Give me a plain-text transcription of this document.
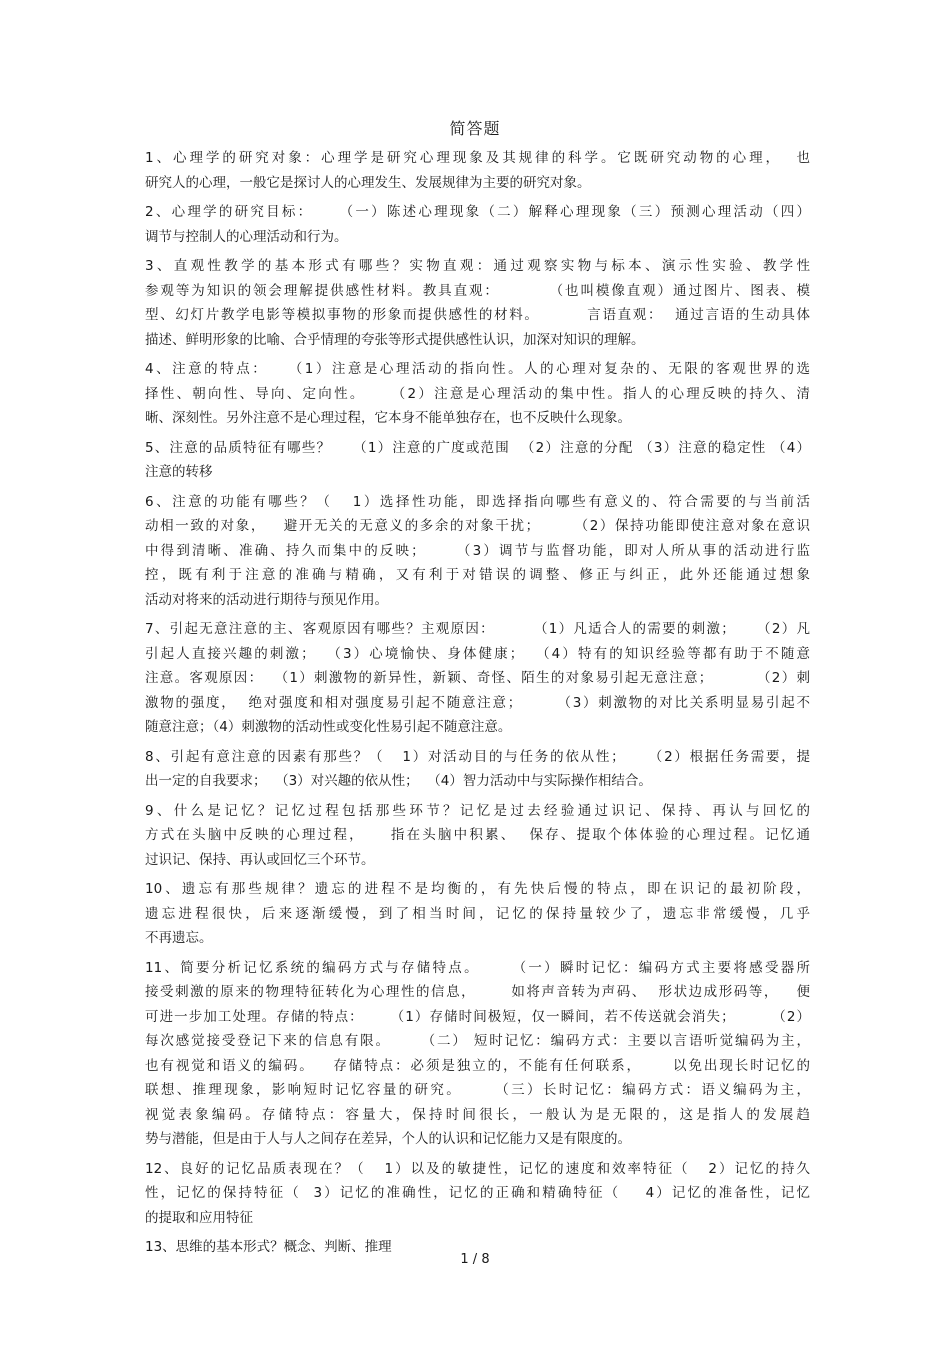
简答题
1、心理学的研究对象：心理学是研究心理现象及其规律的科学。它既研究动物的心理，  也
研究人的心理，一般它是探讨人的心理发生、发展规律为主要的研究对象。
2、心理学的研究目标：    （一）陈述心理现象（二）解释心理现象（三）预测心理活动（四）
调节与控制人的心理活动和行为。
3、直观性教学的基本形式有哪些？实物直观：通过观察实物与标本、演示性实验、教学性
参观等为知识的领会理解提供感性材料。教具直观：        （也叫模像直观）通过图片、图表、模
型、幻灯片教学电影等模拟事物的形象而提供感性的材料。        言语直观：  通过言语的生动具体
描述、鲜明形象的比喻、合乎情理的夸张等形式提供感性认识，加深对知识的理解。
4、注意的特点：   （1）注意是心理活动的指向性。人的心理对复杂的、无限的客观世界的选
择性、朝向性、导向、定向性。    （2）注意是心理活动的集中性。指人的心理反映的持久、清
晰、深刻性。另外注意不是心理过程，它本身不能单独存在，也不反映什么现象。
5、注意的品质特征有哪些？    （1）注意的广度或范围  （2）注意的分配 （3）注意的稳定性 （4）
注意的转移
6、注意的功能有哪些？（   1）选择性功能，即选择指向哪些有意义的、符合需要的与当前活
动相一致的对象，   避开无关的无意义的多余的对象干扰；      （2）保持功能即使注意对象在意识
中得到清晰、准确、持久而集中的反映；     （3）调节与监督功能，即对人所从事的活动进行监
控，既有利于注意的准确与精确，又有利于对错误的调整、修正与纠正，此外还能通过想象
活动对将来的活动进行期待与预见作用。
7、引起无意注意的主、客观原因有哪些？主观原因：       （1）凡适合人的需要的刺激；    （2）凡
引起人直接兴趣的刺激；  （3）心境愉快、身体健康；  （4）特有的知识经验等都有助于不随意
注意。客观原因：  （1）刺激物的新异性，新颖、奇怪、陌生的对象易引起无意注意；        （2）刺
激物的强度，  绝对强度和相对强度易引起不随意注意；      （3）刺激物的对比关系明显易引起不
随意注意；（4）刺激物的活动性或变化性易引起不随意注意。
8、引起有意注意的因素有那些？（   1）对活动目的与任务的依从性；    （2）根据任务需要，提
出一定的自我要求；  （3）对兴趣的依从性；  （4）智力活动中与实际操作相结合。
9、什么是记忆？记忆过程包括那些环节？记忆是过去经验通过识记、保持、再认与回忆的
方式在头脑中反映的心理过程，    指在头脑中积累、  保存、提取个体体验的心理过程。记忆通
过识记、保持、再认或回忆三个环节。
10、遗忘有那些规律？遗忘的进程不是均衡的，有先快后慢的特点，即在识记的最初阶段，
遗忘进程很快，后来逐渐缓慢，到了相当时间，记忆的保持量较少了，遗忘非常缓慢，几乎
不再遗忘。
11、简要分析记忆系统的编码方式与存储特点。     （一）瞬时记忆：编码方式主要将感受器所
接受刺激的原来的物理特征转化为心理性的信息，      如将声音转为声码、  形状边成形码等，   便
可进一步加工处理。存储的特点：     （1）存储时间极短，仅一瞬间，若不传送就会消失；       （2）
每次感觉接受登记下来的信息有限。     （二） 短时记忆：编码方式：主要以言语听觉编码为主，
也有视觉和语义的编码。   存储特点：必须是独立的，不能有任何联系，     以免出现长时记忆的
联想、推理现象，影响短时记忆容量的研究。     （三）长时记忆：编码方式：语义编码为主，
视觉表象编码。存储特点：容量大，保持时间很长，一般认为是无限的，这是指人的发展趋
势与潜能，但是由于人与人之间存在差异，个人的认识和记忆能力又是有限度的。
12、良好的记忆品质表现在？（   1）以及的敏捷性，记忆的速度和效率特征（   2）记忆的持久
性，记忆的保持特征（  3）记忆的准确性，记忆的正确和精确特征（    4）记忆的准备性，记忆
的提取和应用特征
13、思维的基本形式？概念、判断、推理
1 / 8
